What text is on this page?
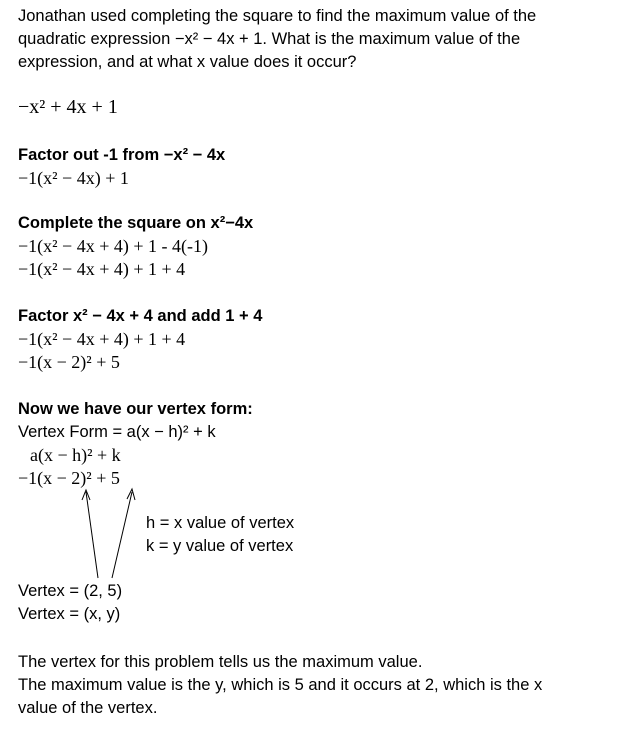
Jonathan used completing the square to find the maximum value of the
quadratic expression −x² − 4x + 1. What is the maximum value of the
expression, and at what x value does it occur?
−x² + 4x + 1
Factor out -1 from −x² − 4x
−1(x² − 4x) + 1
Complete the square on x²−4x
−1(x² − 4x + 4) + 1 - 4(-1)
−1(x² − 4x + 4) + 1 + 4
Factor x² − 4x + 4 and add 1 + 4
−1(x² − 4x + 4) + 1 + 4
−1(x − 2)² + 5
Now we have our vertex form:
Vertex Form = a(x − h)² + k
a(x − h)² + k
−1(x − 2)² + 5
h = x value of vertex
k = y value of vertex
Vertex = (2, 5)
Vertex = (x, y)
The vertex for this problem tells us the maximum value.
The maximum value is the y, which is 5 and it occurs at 2, which is the x
value of the vertex.
